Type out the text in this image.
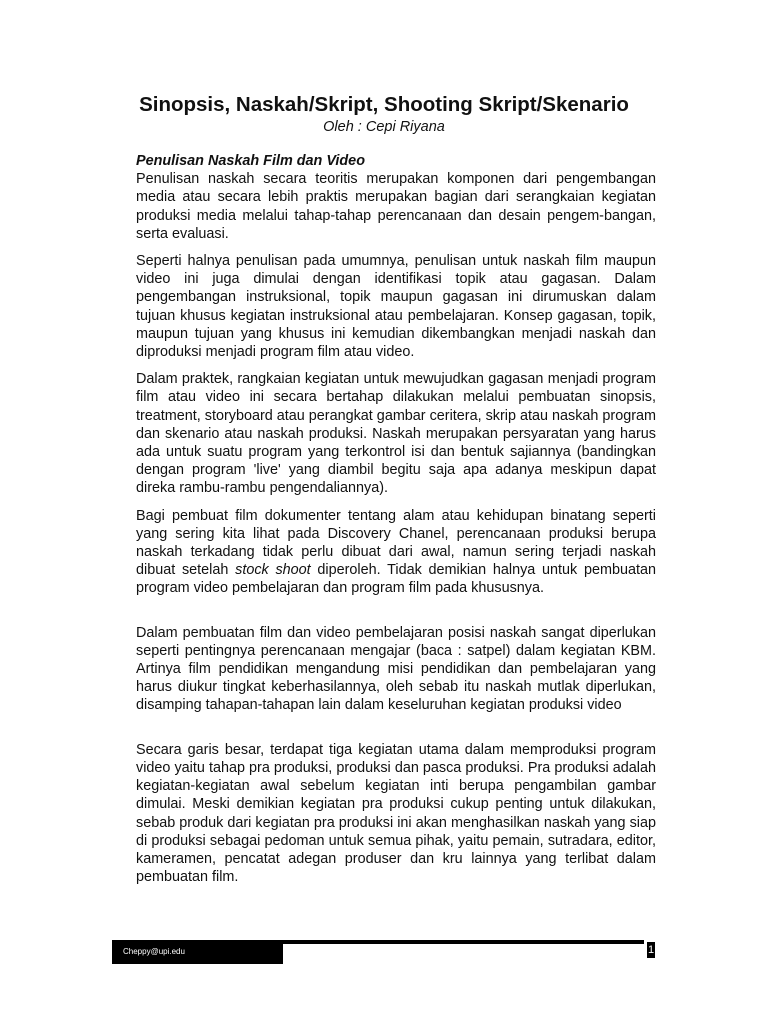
Sinopsis, Naskah/Skript, Shooting Skript/Skenario
Oleh : Cepi Riyana

Penulisan Naskah Film dan Video

Penulisan naskah secara teoritis merupakan komponen dari pengembangan media atau secara lebih praktis merupakan bagian dari serangkaian kegiatan produksi media melalui tahap-tahap perencanaan dan desain pengem-bangan, serta evaluasi.

Seperti halnya penulisan pada umumnya, penulisan untuk naskah film maupun video ini juga dimulai dengan identifikasi topik atau gagasan. Dalam pengembangan instruksional, topik maupun gagasan ini dirumuskan dalam tujuan khusus kegiatan instruksional atau pembelajaran. Konsep gagasan, topik, maupun tujuan yang khusus ini kemudian dikembangkan menjadi naskah dan diproduksi menjadi program film atau video.

Dalam praktek, rangkaian kegiatan untuk mewujudkan gagasan menjadi program film atau video ini secara bertahap dilakukan melalui pembuatan sinopsis, treatment, storyboard atau perangkat gambar ceritera, skrip atau naskah program dan skenario atau naskah produksi. Naskah merupakan persyaratan yang harus ada untuk suatu program yang terkontrol isi dan bentuk sajiannya (bandingkan dengan program 'live' yang diambil begitu saja apa adanya meskipun dapat direka rambu-rambu pengendaliannya).

Bagi pembuat film dokumenter tentang alam atau kehidupan binatang seperti yang sering kita lihat pada Discovery Chanel, perencanaan produksi berupa naskah terkadang tidak perlu dibuat dari awal, namun sering terjadi naskah dibuat setelah stock shoot diperoleh. Tidak demikian halnya untuk pembuatan program video pembelajaran dan program film pada khususnya.

Dalam pembuatan film dan video pembelajaran posisi naskah sangat diperlukan seperti pentingnya perencanaan mengajar (baca : satpel) dalam kegiatan KBM. Artinya film pendidikan mengandung misi pendidikan dan pembelajaran yang harus diukur tingkat keberhasilannya, oleh sebab itu naskah mutlak diperlukan, disamping tahapan-tahapan lain dalam keseluruhan kegiatan produksi video

Secara garis besar, terdapat tiga kegiatan utama dalam memproduksi program video yaitu tahap pra produksi, produksi dan pasca produksi. Pra produksi adalah kegiatan-kegiatan awal sebelum kegiatan inti berupa pengambilan gambar dimulai. Meski demikian kegiatan pra produksi cukup penting untuk dilakukan, sebab produk dari kegiatan pra produksi ini akan menghasilkan naskah yang siap di produksi sebagai pedoman untuk semua pihak, yaitu pemain, sutradara, editor, kameramen, pencatat adegan produser dan kru lainnya yang terlibat dalam pembuatan film.

Cheppy@upi.edu	1
